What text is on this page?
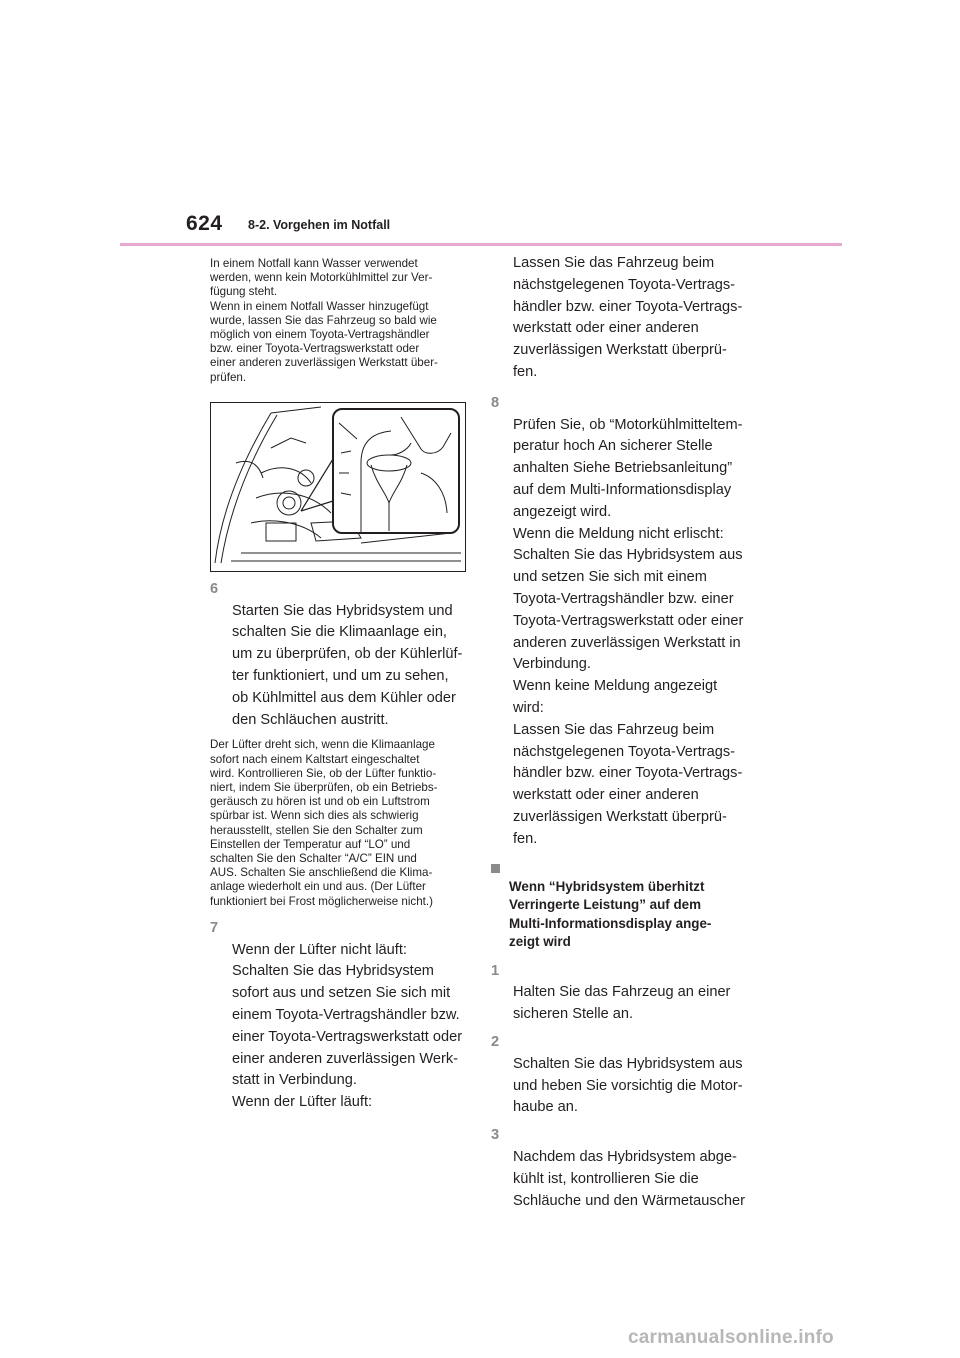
624 8-2. Vorgehen im Notfall

In einem Notfall kann Wasser verwendet
werden, wenn kein Motorkühlmittel zur Ver-
fügung steht.
Wenn in einem Notfall Wasser hinzugefügt
wurde, lassen Sie das Fahrzeug so bald wie
möglich von einem Toyota-Vertragshändler
bzw. einer Toyota-Vertragswerkstatt oder
einer anderen zuverlässigen Werkstatt über-
prüfen.

6
Starten Sie das Hybridsystem und
schalten Sie die Klimaanlage ein,
um zu überprüfen, ob der Kühlerlüf-
ter funktioniert, und um zu sehen,
ob Kühlmittel aus dem Kühler oder
den Schläuchen austritt.

Der Lüfter dreht sich, wenn die Klimaanlage
sofort nach einem Kaltstart eingeschaltet
wird. Kontrollieren Sie, ob der Lüfter funktio-
niert, indem Sie überprüfen, ob ein Betriebs-
geräusch zu hören ist und ob ein Luftstrom
spürbar ist. Wenn sich dies als schwierig
herausstellt, stellen Sie den Schalter zum
Einstellen der Temperatur auf “LO” und
schalten Sie den Schalter “A/C” EIN und
AUS. Schalten Sie anschließend die Klima-
anlage wiederholt ein und aus. (Der Lüfter
funktioniert bei Frost möglicherweise nicht.)

7
Wenn der Lüfter nicht läuft:
Schalten Sie das Hybridsystem
sofort aus und setzen Sie sich mit
einem Toyota-Vertragshändler bzw.
einer Toyota-Vertragswerkstatt oder
einer anderen zuverlässigen Werk-
statt in Verbindung.
Wenn der Lüfter läuft:

Lassen Sie das Fahrzeug beim
nächstgelegenen Toyota-Vertrags-
händler bzw. einer Toyota-Vertrags-
werkstatt oder einer anderen
zuverlässigen Werkstatt überprü-
fen.

8
Prüfen Sie, ob “Motorkühlmitteltem-
peratur hoch An sicherer Stelle
anhalten Siehe Betriebsanleitung”
auf dem Multi-Informationsdisplay
angezeigt wird.
Wenn die Meldung nicht erlischt:
Schalten Sie das Hybridsystem aus
und setzen Sie sich mit einem
Toyota-Vertragshändler bzw. einer
Toyota-Vertragswerkstatt oder einer
anderen zuverlässigen Werkstatt in
Verbindung.
Wenn keine Meldung angezeigt
wird:
Lassen Sie das Fahrzeug beim
nächstgelegenen Toyota-Vertrags-
händler bzw. einer Toyota-Vertrags-
werkstatt oder einer anderen
zuverlässigen Werkstatt überprü-
fen.

Wenn “Hybridsystem überhitzt
Verringerte Leistung” auf dem
Multi-Informationsdisplay ange-
zeigt wird

1
Halten Sie das Fahrzeug an einer
sicheren Stelle an.

2
Schalten Sie das Hybridsystem aus
und heben Sie vorsichtig die Motor-
haube an.

3
Nachdem das Hybridsystem abge-
kühlt ist, kontrollieren Sie die
Schläuche und den Wärmetauscher

carmanualsonline.info
